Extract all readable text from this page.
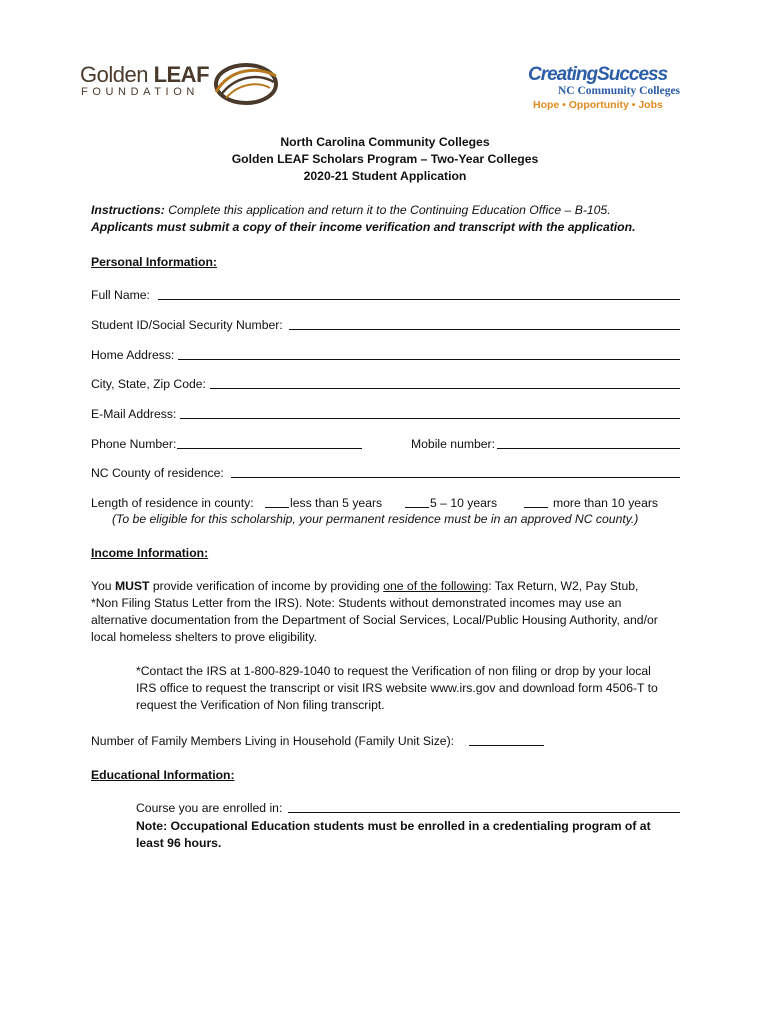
Golden LEAF
FOUNDATION
CreatingSuccess
NC Community Colleges
Hope • Opportunity • Jobs
North Carolina Community Colleges
Golden LEAF Scholars Program – Two-Year Colleges
2020-21 Student Application
Instructions: Complete this application and return it to the Continuing Education Office – B-105.
Applicants must submit a copy of their income verification and transcript with the application.
Personal Information:
Full Name:
Student ID/Social Security Number:
Home Address:
City, State, Zip Code:
E-Mail Address:
Phone Number:	Mobile number:
NC County of residence:
Length of residence in county:	less than 5 years	5 – 10 years	more than 10 years
(To be eligible for this scholarship, your permanent residence must be in an approved NC county.)
Income Information:
You MUST provide verification of income by providing one of the following: Tax Return, W2, Pay Stub,
*Non Filing Status Letter from the IRS). Note: Students without demonstrated incomes may use an
alternative documentation from the Department of Social Services, Local/Public Housing Authority, and/or
local homeless shelters to prove eligibility.
*Contact the IRS at 1-800-829-1040 to request the Verification of non filing or drop by your local
IRS office to request the transcript or visit IRS website www.irs.gov and download form 4506-T to
request the Verification of Non filing transcript.
Number of Family Members Living in Household (Family Unit Size):
Educational Information:
Course you are enrolled in:
Note: Occupational Education students must be enrolled in a credentialing program of at
least 96 hours.
